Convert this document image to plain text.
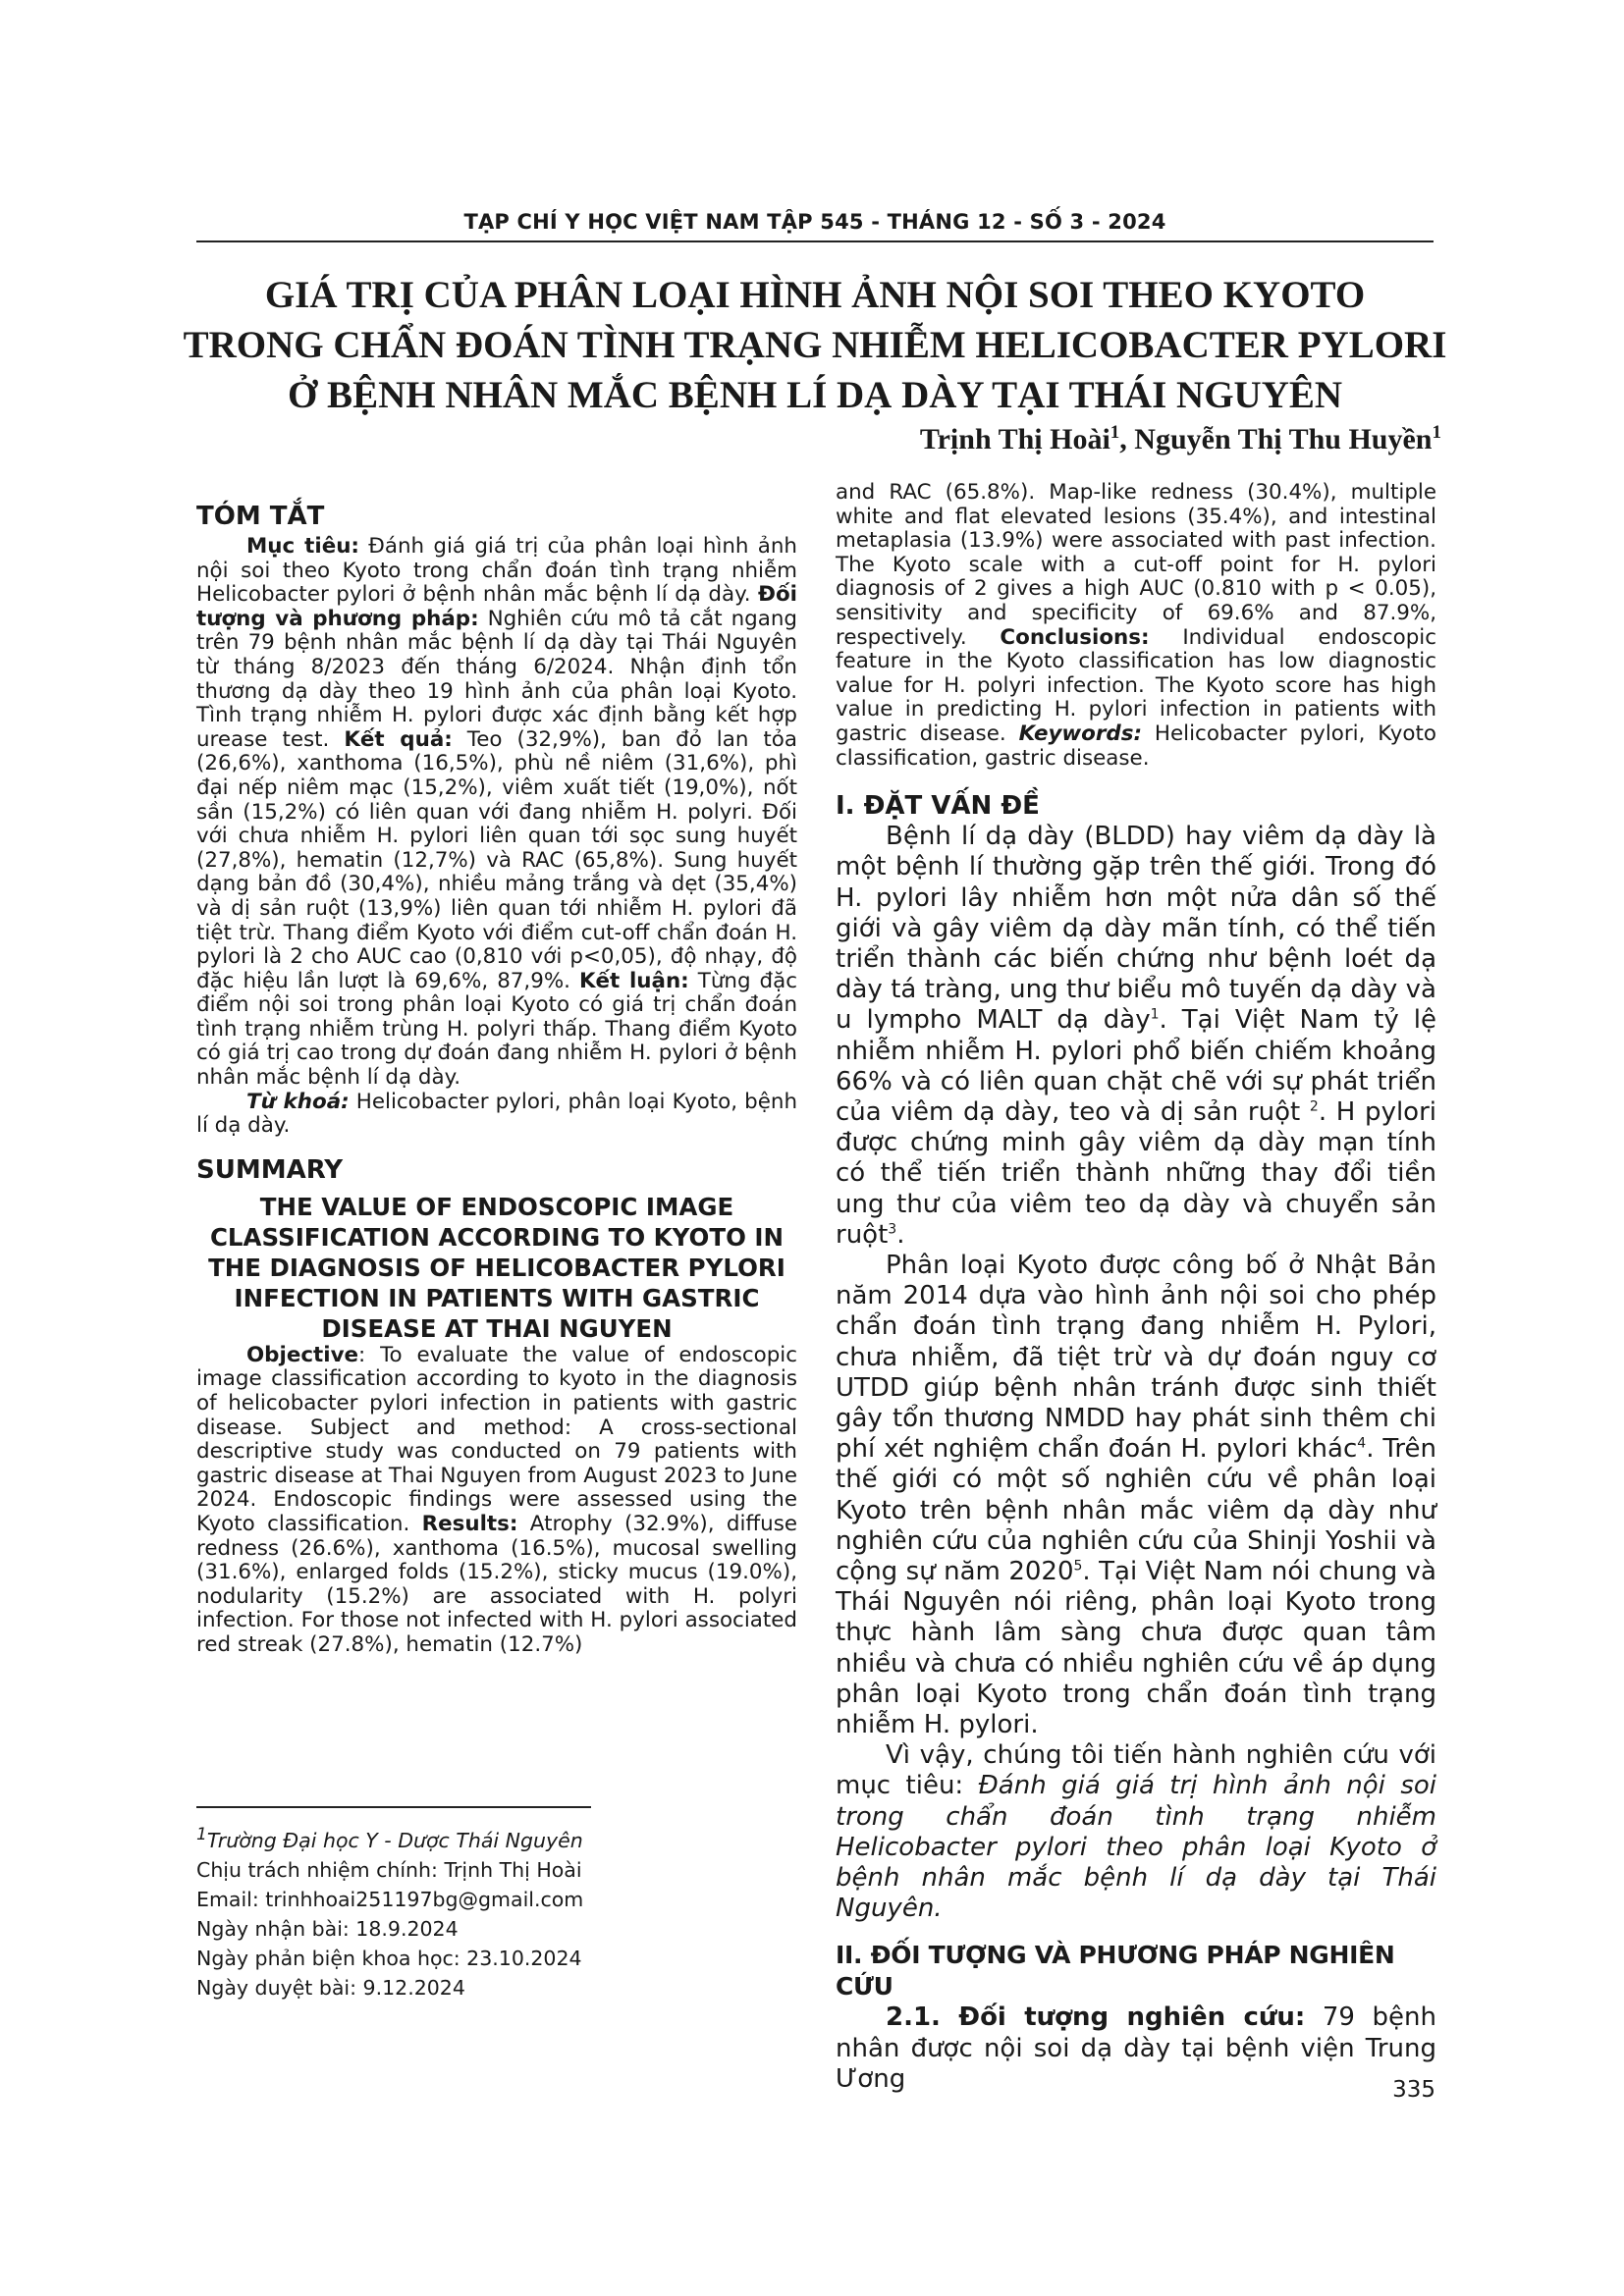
TẠP CHÍ Y HỌC VIỆT NAM TẬP 545 - THÁNG 12 - SỐ 3 - 2024
GIÁ TRỊ CỦA PHÂN LOẠI HÌNH ẢNH NỘI SOI THEO KYOTO
TRONG CHẨN ĐOÁN TÌNH TRẠNG NHIỄM HELICOBACTER PYLORI
Ở BỆNH NHÂN MẮC BỆNH LÍ DẠ DÀY TẠI THÁI NGUYÊN
Trịnh Thị Hoài$^1$, Nguyễn Thị Thu Huyền$^1$
TÓM TẮT

Mục tiêu: Đánh giá giá trị của phân loại hình ảnh nội soi theo Kyoto trong chẩn đoán tình trạng nhiễm Helicobacter pylori ở bệnh nhân mắc bệnh lí dạ dày. Đối tượng và phương pháp: Nghiên cứu mô tả cắt ngang trên 79 bệnh nhân mắc bệnh lí dạ dày tại Thái Nguyên từ tháng 8/2023 đến tháng 6/2024. Nhận định tổn thương dạ dày theo 19 hình ảnh của phân loại Kyoto. Tình trạng nhiễm H. pylori được xác định bằng kết hợp urease test. Kết quả: Teo (32,9%), ban đỏ lan tỏa (26,6%), xanthoma (16,5%), phù nề niêm (31,6%), phì đại nếp niêm mạc (15,2%), viêm xuất tiết (19,0%), nốt sần (15,2%) có liên quan với đang nhiễm H. polyri. Đối với chưa nhiễm H. pylori liên quan tới sọc sung huyết (27,8%), hematin (12,7%) và RAC (65,8%). Sung huyết dạng bản đồ (30,4%), nhiều mảng trắng và dẹt (35,4%) và dị sản ruột (13,9%) liên quan tới nhiễm H. pylori đã tiệt trừ. Thang điểm Kyoto với điểm cut-off chẩn đoán H. pylori là 2 cho AUC cao (0,810 với p<0,05), độ nhạy, độ đặc hiệu lần lượt là 69,6%, 87,9%. Kết luận: Từng đặc điểm nội soi trong phân loại Kyoto có giá trị chẩn đoán tình trạng nhiễm trùng H. polyri thấp. Thang điểm Kyoto có giá trị cao trong dự đoán đang nhiễm H. pylori ở bệnh nhân mắc bệnh lí dạ dày.

Từ khoá: Helicobacter pylori, phân loại Kyoto, bệnh lí dạ dày.

SUMMARY
THE VALUE OF ENDOSCOPIC IMAGE CLASSIFICATION ACCORDING TO KYOTO IN THE DIAGNOSIS OF HELICOBACTER PYLORI INFECTION IN PATIENTS WITH GASTRIC DISEASE AT THAI NGUYEN

Objective: To evaluate the value of endoscopic image classification according to kyoto in the diagnosis of helicobacter pylori infection in patients with gastric disease. Subject and method: A cross-sectional descriptive study was conducted on 79 patients with gastric disease at Thai Nguyen from August 2023 to June 2024. Endoscopic findings were assessed using the Kyoto classification. Results: Atrophy (32.9%), diffuse redness (26.6%), xanthoma (16.5%), mucosal swelling (31.6%), enlarged folds (15.2%), sticky mucus (19.0%), nodularity (15.2%) are associated with H. polyri infection. For those not infected with H. pylori associated red streak (27.8%), hematin (12.7%)

$^1$Trường Đại học Y - Dược Thái Nguyên
Chịu trách nhiệm chính: Trịnh Thị Hoài
Email: trinhhoai251197bg@gmail.com
Ngày nhận bài: 18.9.2024
Ngày phản biện khoa học: 23.10.2024
Ngày duyệt bài: 9.12.2024

and RAC (65.8%). Map-like redness (30.4%), multiple white and flat elevated lesions (35.4%), and intestinal metaplasia (13.9%) were associated with past infection. The Kyoto scale with a cut-off point for H. pylori diagnosis of 2 gives a high AUC (0.810 with p < 0.05), sensitivity and specificity of 69.6% and 87.9%, respectively. Conclusions: Individual endoscopic feature in the Kyoto classification has low diagnostic value for H. polyri infection. The Kyoto score has high value in predicting H. pylori infection in patients with gastric disease. Keywords: Helicobacter pylori, Kyoto classification, gastric disease.

I. ĐẶT VẤN ĐỀ

Bệnh lí dạ dày (BLDD) hay viêm dạ dày là một bệnh lí thường gặp trên thế giới. Trong đó H. pylori lây nhiễm hơn một nửa dân số thế giới và gây viêm dạ dày mãn tính, có thể tiến triển thành các biến chứng như bệnh loét dạ dày tá tràng, ung thư biểu mô tuyến dạ dày và u lympho MALT dạ dày$^1$. Tại Việt Nam tỷ lệ nhiễm nhiễm H. pylori phổ biến chiếm khoảng 66% và có liên quan chặt chẽ với sự phát triển của viêm dạ dày, teo và dị sản ruột $^2$. H pylori được chứng minh gây viêm dạ dày mạn tính có thể tiến triển thành những thay đổi tiền ung thư của viêm teo dạ dày và chuyển sản ruột$^3$.

Phân loại Kyoto được công bố ở Nhật Bản năm 2014 dựa vào hình ảnh nội soi cho phép chẩn đoán tình trạng đang nhiễm H. Pylori, chưa nhiễm, đã tiệt trừ và dự đoán nguy cơ UTDD giúp bệnh nhân tránh được sinh thiết gây tổn thương NMDD hay phát sinh thêm chi phí xét nghiệm chẩn đoán H. pylori khác$^4$. Trên thế giới có một số nghiên cứu về phân loại Kyoto trên bệnh nhân mắc viêm dạ dày như nghiên cứu của nghiên cứu của Shinji Yoshii và cộng sự năm 2020$^5$. Tại Việt Nam nói chung và Thái Nguyên nói riêng, phân loại Kyoto trong thực hành lâm sàng chưa được quan tâm nhiều và chưa có nhiều nghiên cứu về áp dụng phân loại Kyoto trong chẩn đoán tình trạng nhiễm H. pylori.

Vì vậy, chúng tôi tiến hành nghiên cứu với mục tiêu: Đánh giá giá trị hình ảnh nội soi trong chẩn đoán tình trạng nhiễm Helicobacter pylori theo phân loại Kyoto ở bệnh nhân mắc bệnh lí dạ dày tại Thái Nguyên.

II. ĐỐI TƯỢNG VÀ PHƯƠNG PHÁP NGHIÊN CỨU

2.1. Đối tượng nghiên cứu: 79 bệnh nhân được nội soi dạ dày tại bệnh viện Trung Ương	335
